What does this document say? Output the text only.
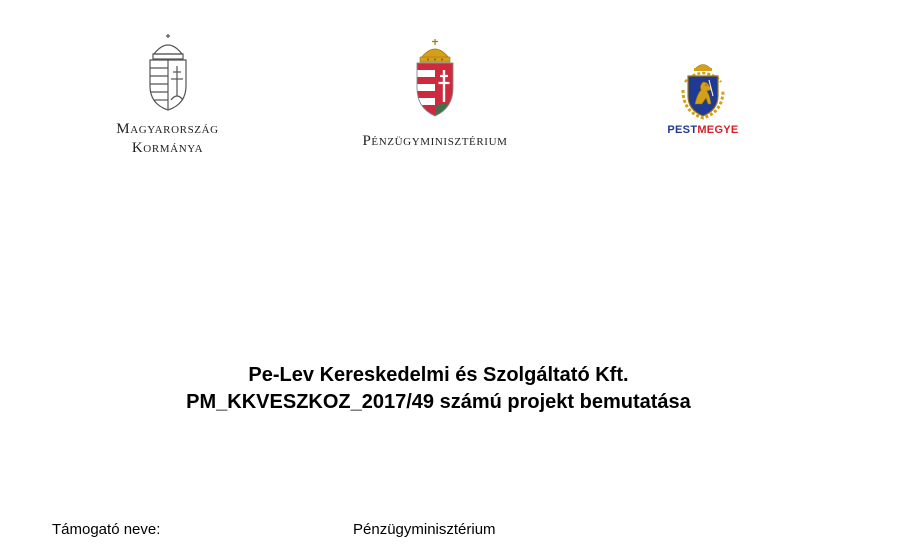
Magyarország
Kormánya	Pénzügyminisztérium
PESTMEGYE
Pe-Lev Kereskedelmi és Szolgáltató Kft.
PM_KKVESZKOZ_2017/49 számú projekt bemutatása
Támogató neve:	Pénzügyminisztérium
